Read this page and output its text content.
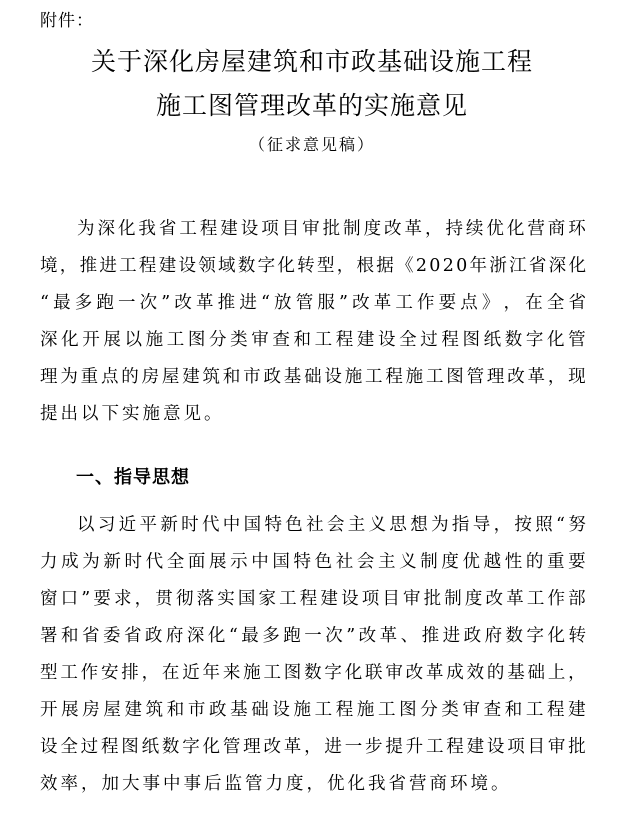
附件：
关于深化房屋建筑和市政基础设施工程
施工图管理改革的实施意见
（征求意见稿）
为 深 化 我 省 工 程 建 设 项 目 审 批 制 度 改 革 ， 持 续 优 化 营 商 环
境 ， 推 进 工 程 建 设 领 域 数 字 化 转 型 ， 根 据 《 2 0 2 0 年 浙 江 省 深 化
“ 最 多 跑 一 次 ” 改 革 推 进 “ 放 管 服 ” 改 革 工 作 要 点 》 ， 在 全 省
深 化 开 展 以 施 工 图 分 类 审 查 和 工 程 建 设 全 过 程 图 纸 数 字 化 管
理 为 重 点 的 房 屋 建 筑 和 市 政 基 础 设 施 工 程 施 工 图 管 理 改 革 ， 现
提出以下实施意见。
一、指导思想
以 习 近 平 新 时 代 中 国 特 色 社 会 主 义 思 想 为 指 导 ， 按 照 “ 努
力 成 为 新 时 代 全 面 展 示 中 国 特 色 社 会 主 义 制 度 优 越 性 的 重 要
窗 口 ” 要 求 ， 贯 彻 落 实 国 家 工 程 建 设 项 目 审 批 制 度 改 革 工 作 部
署 和 省 委 省 政 府 深 化 “ 最 多 跑 一 次 ” 改 革 、 推 进 政 府 数 字 化 转
型 工 作 安 排 ， 在 近 年 来 施 工 图 数 字 化 联 审 改 革 成 效 的 基 础 上 ，
开 展 房 屋 建 筑 和 市 政 基 础 设 施 工 程 施 工 图 分 类 审 查 和 工 程 建
设 全 过 程 图 纸 数 字 化 管 理 改 革 ， 进 一 步 提 升 工 程 建 设 项 目 审 批
效率，加大事中事后监管力度，优化我省营商环境。
